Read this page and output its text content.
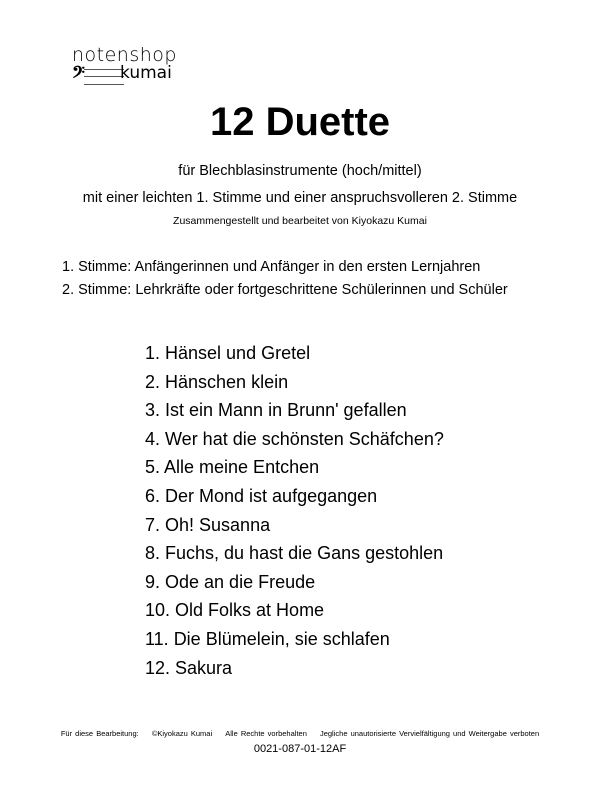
𝄢
notenshop
kumai
12 Duette
für Blechblasinstrumente (hoch/mittel)
mit einer leichten 1. Stimme und einer anspruchsvolleren 2. Stimme
Zusammengestellt und bearbeitet von Kiyokazu Kumai
1. Stimme: Anfängerinnen und Anfänger in den ersten Lernjahren
2. Stimme: Lehrkräfte oder fortgeschrittene Schülerinnen und Schüler
1. Hänsel und Gretel
2. Hänschen klein
3. Ist ein Mann in Brunn' gefallen
4. Wer hat die schönsten Schäfchen?
5. Alle meine Entchen
6. Der Mond ist aufgegangen
7. Oh! Susanna
8. Fuchs, du hast die Gans gestohlen
9. Ode an die Freude
10. Old Folks at Home
11. Die Blümelein, sie schlafen
12. Sakura
Für diese Bearbeitung: ©Kiyokazu Kumai Alle Rechte vorbehalten Jegliche unautorisierte Vervielfältigung und Weitergabe verboten
0021-087-01-12AF
